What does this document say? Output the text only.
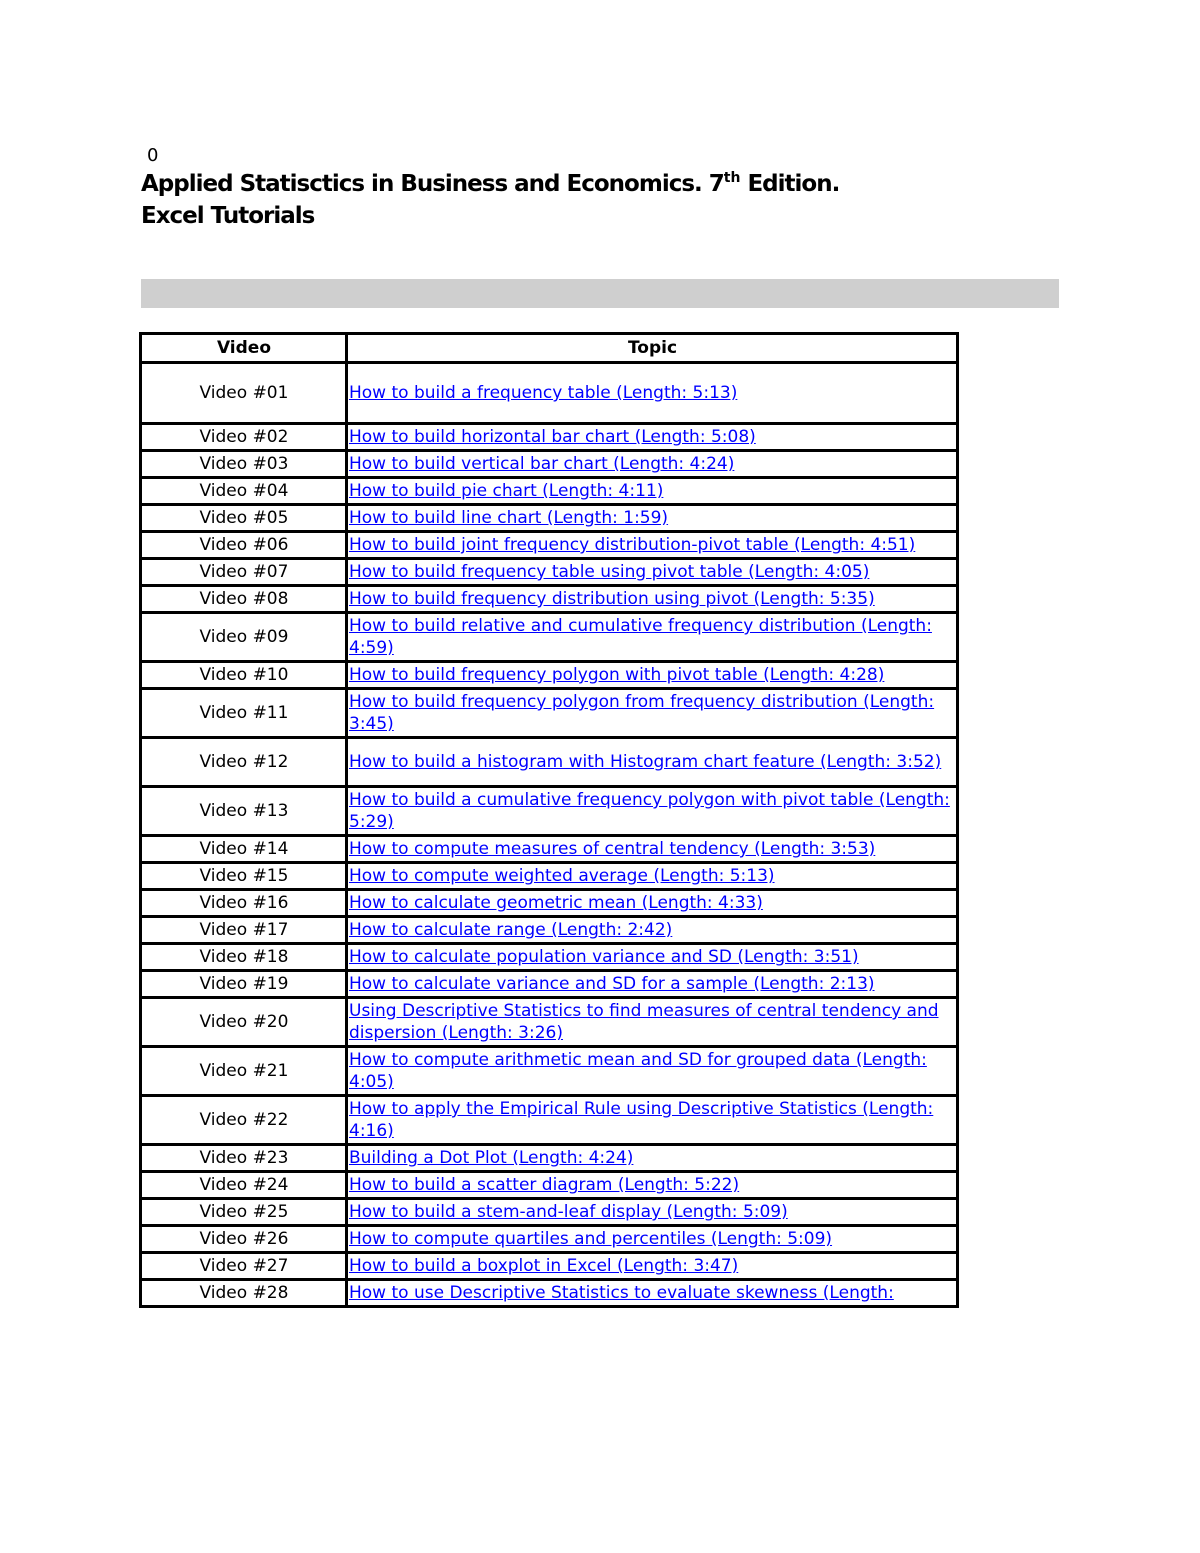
0
Applied Statisctics in Business and Economics. 7th Edition.
Excel Tutorials
Video	Topic
Video #01	How to build a frequency table (Length: 5:13)
Video #02	How to build horizontal bar chart (Length: 5:08)
Video #03	How to build vertical bar chart (Length: 4:24)
Video #04	How to build pie chart (Length: 4:11)
Video #05	How to build line chart (Length: 1:59)
Video #06	How to build joint frequency distribution-pivot table (Length: 4:51)
Video #07	How to build frequency table using pivot table (Length: 4:05)
Video #08	How to build frequency distribution using pivot (Length: 5:35)
Video #09	How to build relative and cumulative frequency distribution (Length: 4:59)
Video #10	How to build frequency polygon with pivot table (Length: 4:28)
Video #11	How to build frequency polygon from frequency distribution (Length: 3:45)
Video #12	How to build a histogram with Histogram chart feature (Length: 3:52)
Video #13	How to build a cumulative frequency polygon with pivot table (Length: 5:29)
Video #14	How to compute measures of central tendency (Length: 3:53)
Video #15	How to compute weighted average (Length: 5:13)
Video #16	How to calculate geometric mean (Length: 4:33)
Video #17	How to calculate range (Length: 2:42)
Video #18	How to calculate population variance and SD (Length: 3:51)
Video #19	How to calculate variance and SD for a sample (Length: 2:13)
Video #20	Using Descriptive Statistics to find measures of central tendency and dispersion (Length: 3:26)
Video #21	How to compute arithmetic mean and SD for grouped data (Length: 4:05)
Video #22	How to apply the Empirical Rule using Descriptive Statistics (Length: 4:16)
Video #23	Building a Dot Plot (Length: 4:24)
Video #24	How to build a scatter diagram (Length: 5:22)
Video #25	How to build a stem-and-leaf display (Length: 5:09)
Video #26	How to compute quartiles and percentiles (Length: 5:09)
Video #27	How to build a boxplot in Excel (Length: 3:47)
Video #28	How to use Descriptive Statistics to evaluate skewness (Length:
